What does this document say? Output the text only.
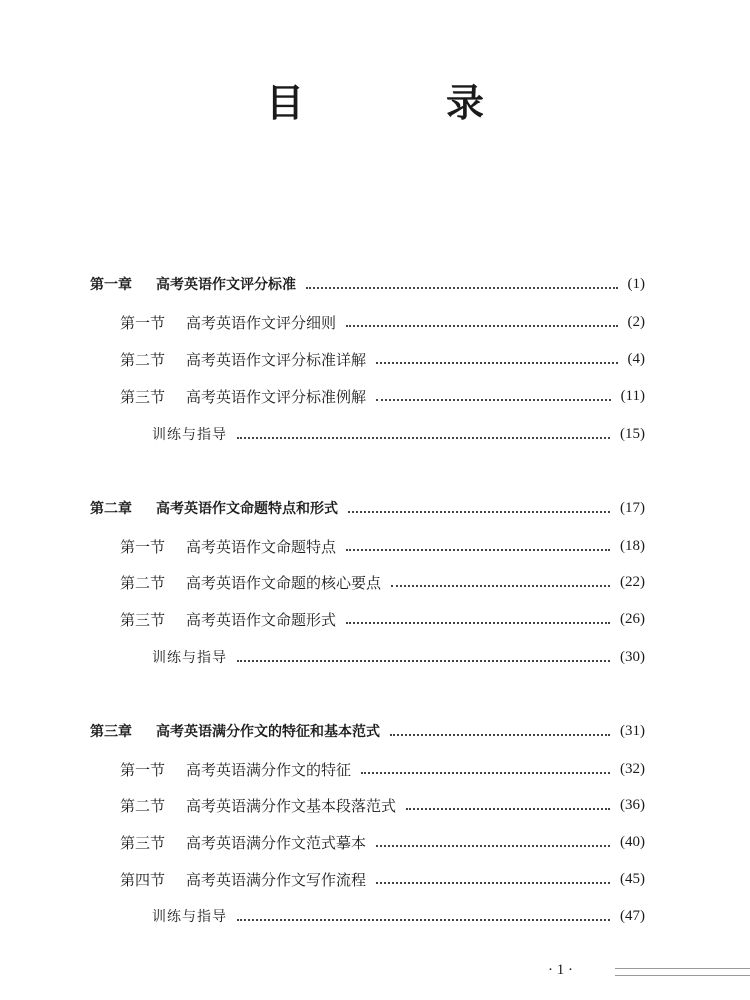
目　录
第一章	高考英语作文评分标准	(1)
第一节	高考英语作文评分细则	(2)
第二节	高考英语作文评分标准详解	(4)
第三节	高考英语作文评分标准例解	(11)
训练与指导	(15)
第二章	高考英语作文命题特点和形式	(17)
第一节	高考英语作文命题特点	(18)
第二节	高考英语作文命题的核心要点	(22)
第三节	高考英语作文命题形式	(26)
训练与指导	(30)
第三章	高考英语满分作文的特征和基本范式	(31)
第一节	高考英语满分作文的特征	(32)
第二节	高考英语满分作文基本段落范式	(36)
第三节	高考英语满分作文范式摹本	(40)
第四节	高考英语满分作文写作流程	(45)
训练与指导	(47)
· 1 ·
